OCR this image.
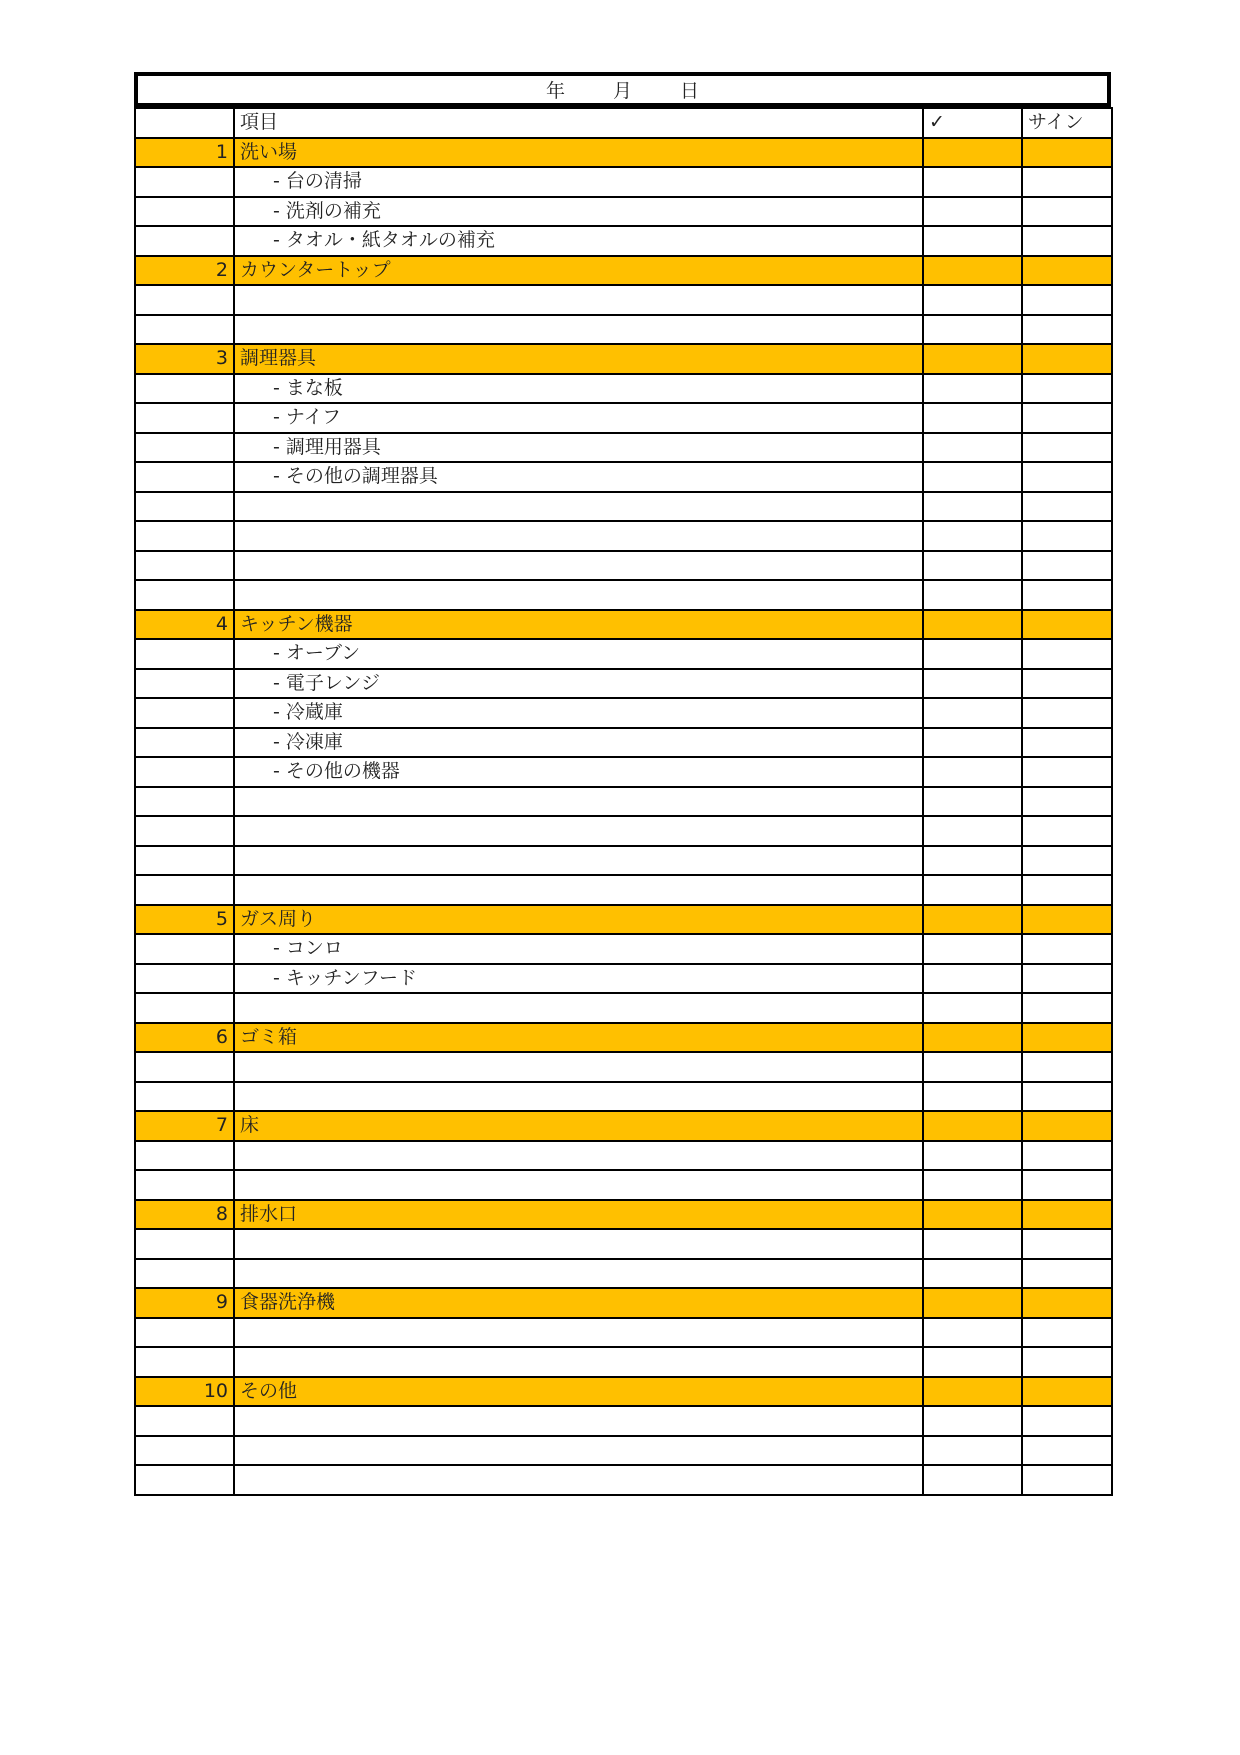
年	月	日
	項目	✓	サイン
1	洗い場		
	- 台の清掃		
	- 洗剤の補充		
	- タオル・紙タオルの補充		
2	カウンタートップ		

3	調理器具		
	- まな板		
	- ナイフ		
	- 調理用器具		
	- その他の調理器具		

4	キッチン機器		
	- オーブン		
	- 電子レンジ		
	- 冷蔵庫		
	- 冷凍庫		
	- その他の機器		

5	ガス周り		
	- コンロ		
	- キッチンフード		

6	ゴミ箱		

7	床		

8	排水口		

9	食器洗浄機		

10	その他		
